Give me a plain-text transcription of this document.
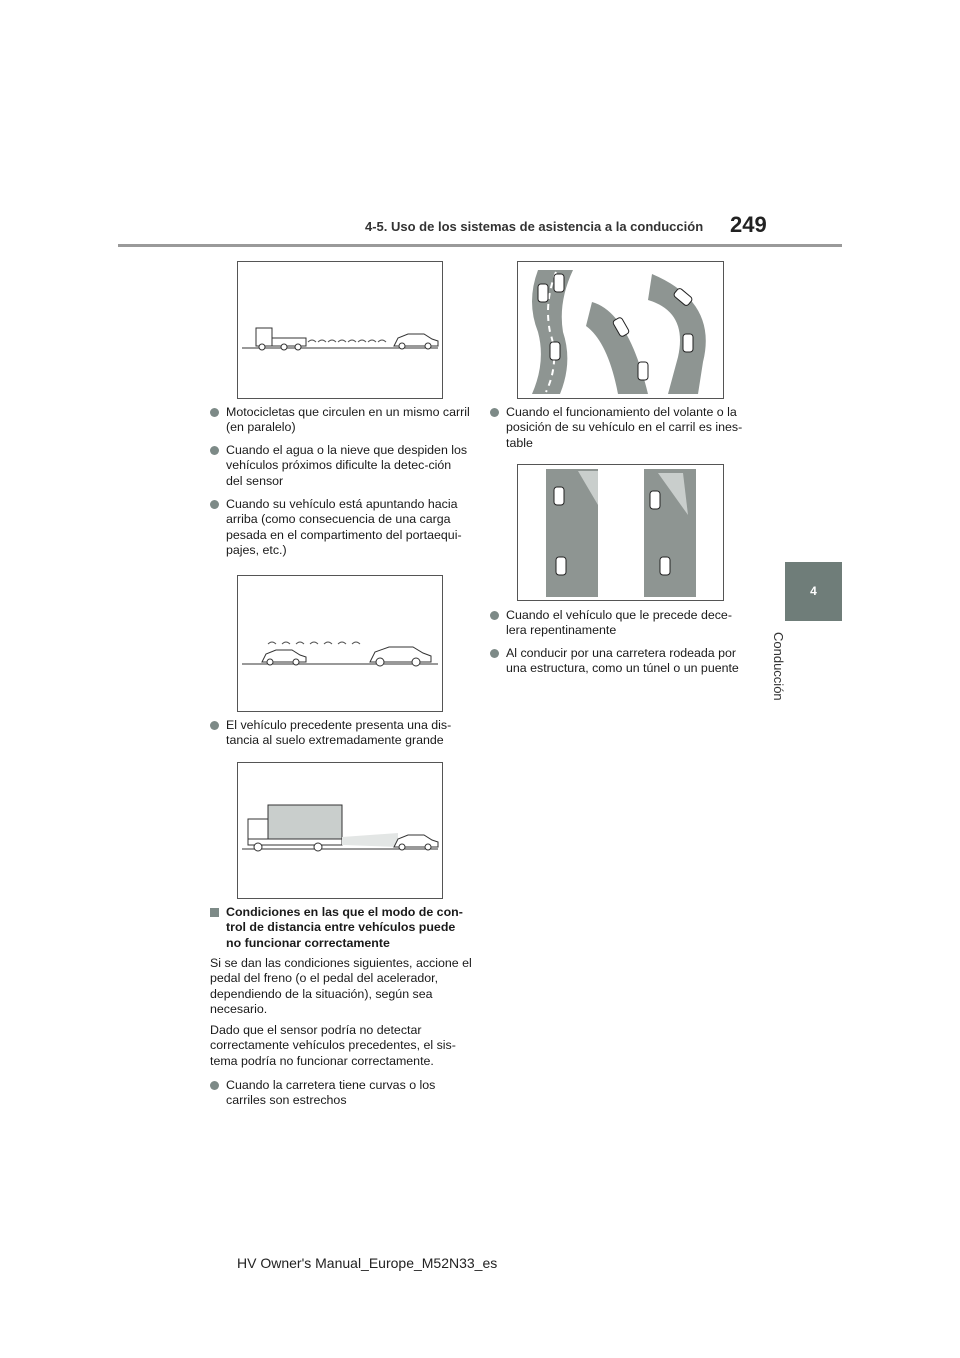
4-5. Uso de los sistemas de asistencia a la conducción 249
4
Conducción
Motocicletas que circulen en un mismo carril (en paralelo)
Cuando el agua o la nieve que despiden los vehículos próximos dificulte la detec-ción del sensor
Cuando su vehículo está apuntando hacia arriba (como consecuencia de una carga pesada en el compartimento del portaequi-pajes, etc.)
Cuando el funcionamiento del volante o la posición de su vehículo en el carril es ines-table
Cuando el vehículo que le precede dece-lera repentinamente
Al conducir por una carretera rodeada por una estructura, como un túnel o un puente
El vehículo precedente presenta una dis-tancia al suelo extremadamente grande
Condiciones en las que el modo de con-trol de distancia entre vehículos puede no funcionar correctamente
Si se dan las condiciones siguientes, accione el pedal del freno (o el pedal del acelerador, dependiendo de la situación), según sea necesario.
Dado que el sensor podría no detectar correctamente vehículos precedentes, el sis-tema podría no funcionar correctamente.
Cuando la carretera tiene curvas o los carriles son estrechos
HV Owner's Manual_Europe_M52N33_es
